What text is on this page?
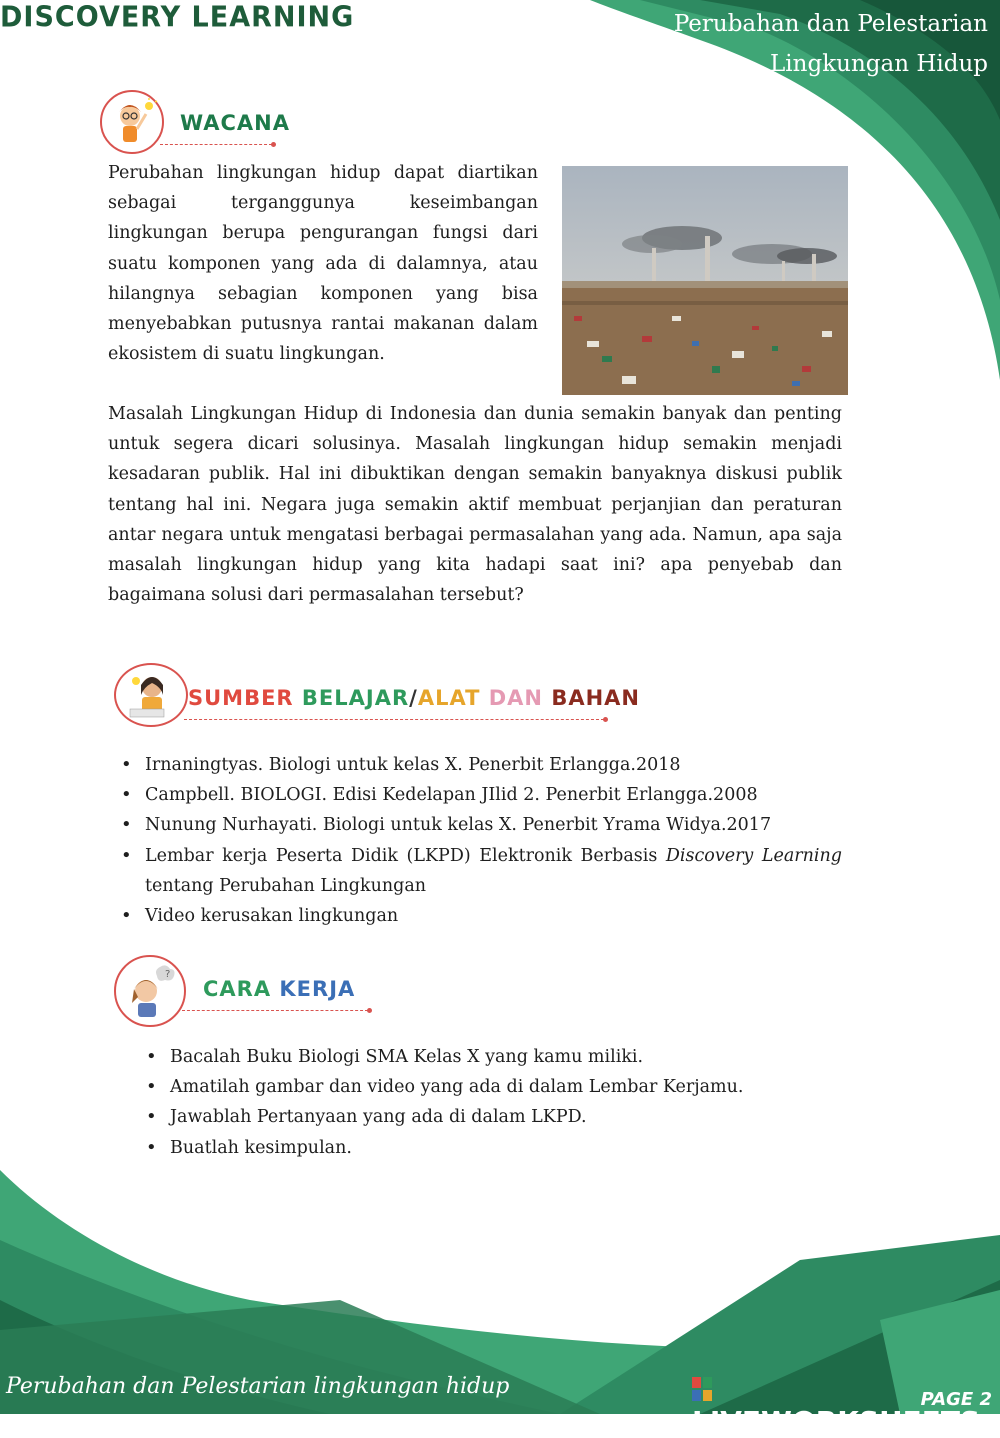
DISCOVERY LEARNING	Perubahan dan Pelestarian
Lingkungan Hidup
WACANA
Perubahan lingkungan hidup dapat diartikan sebagai terganggunya keseimbangan lingkungan berupa pengurangan fungsi dari suatu komponen yang ada di dalamnya, atau hilangnya sebagian komponen yang bisa menyebabkan putusnya rantai makanan dalam ekosistem di suatu lingkungan.
Masalah Lingkungan Hidup di Indonesia dan dunia semakin banyak dan penting untuk segera dicari solusinya. Masalah lingkungan hidup semakin menjadi kesadaran publik. Hal ini dibuktikan dengan semakin banyaknya diskusi publik tentang hal ini. Negara juga semakin aktif membuat perjanjian dan peraturan antar negara untuk mengatasi berbagai permasalahan yang ada. Namun, apa saja masalah lingkungan hidup yang kita hadapi saat ini? apa penyebab dan bagaimana solusi dari permasalahan tersebut?
SUMBER BELAJAR/ALAT DAN BAHAN
• Irnaningtyas. Biologi untuk kelas X. Penerbit Erlangga.2018
• Campbell. BIOLOGI. Edisi Kedelapan JIlid 2. Penerbit Erlangga.2008
• Nunung Nurhayati. Biologi untuk kelas X. Penerbit Yrama Widya.2017
• Lembar kerja Peserta Didik (LKPD) Elektronik Berbasis Discovery Learning tentang Perubahan Lingkungan
• Video kerusakan lingkungan
?
CARA KERJA
• Bacalah Buku Biologi SMA Kelas X yang kamu miliki.
• Amatilah gambar dan video yang ada di dalam Lembar Kerjamu.
• Jawablah Pertanyaan yang ada di dalam LKPD.
• Buatlah kesimpulan.
Perubahan dan Pelestarian lingkungan hidup
LIVEWORKSHEETS
PAGE 2
